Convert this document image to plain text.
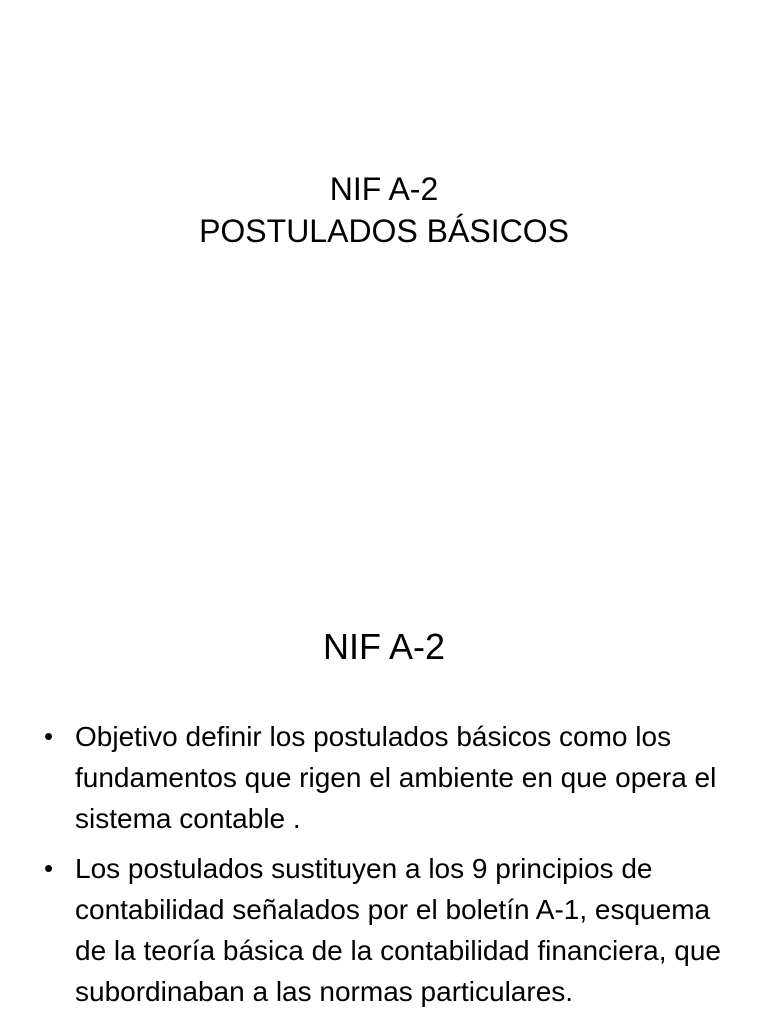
NIF A-2
POSTULADOS BÁSICOS
NIF A-2
• Objetivo definir los postulados básicos como los fundamentos que rigen el ambiente en que opera el sistema contable .
• Los postulados sustituyen a los 9 principios de contabilidad señalados por el boletín A-1, esquema de la teoría básica de la contabilidad financiera, que subordinaban a las normas particulares.
